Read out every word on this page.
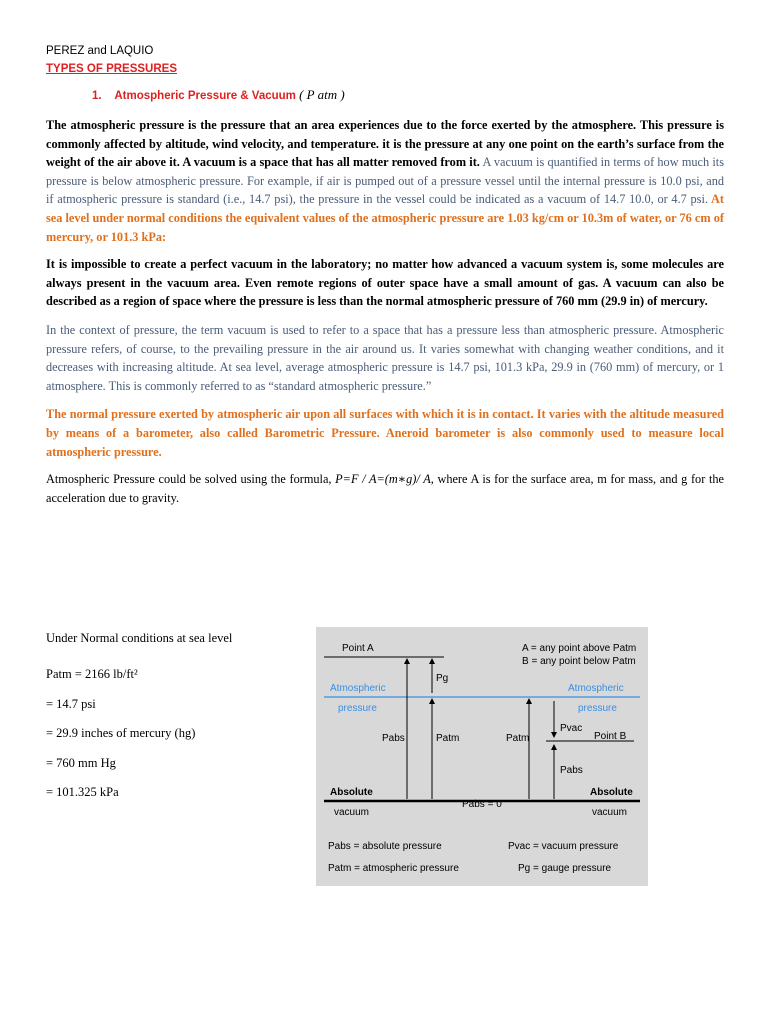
PEREZ and LAQUIO

TYPES OF PRESSURES

1. Atmospheric Pressure & Vacuum ( P atm )

The atmospheric pressure is the pressure that an area experiences due to the force exerted by the atmosphere. This pressure is commonly affected by altitude, wind velocity, and temperature. it is the pressure at any one point on the earth’s surface from the weight of the air above it. A vacuum is a space that has all matter removed from it. A vacuum is quantified in terms of how much its pressure is below atmospheric pressure. For example, if air is pumped out of a pressure vessel until the internal pressure is 10.0 psi, and if atmospheric pressure is standard (i.e., 14.7 psi), the pressure in the vessel could be indicated as a vacuum of 14.7 10.0, or 4.7 psi. At sea level under normal conditions the equivalent values of the atmospheric pressure are 1.03 kg/cm or 10.3m of water, or 76 cm of mercury, or 101.3 kPa:

It is impossible to create a perfect vacuum in the laboratory; no matter how advanced a vacuum system is, some molecules are always present in the vacuum area. Even remote regions of outer space have a small amount of gas. A vacuum can also be described as a region of space where the pressure is less than the normal atmospheric pressure of 760 mm (29.9 in) of mercury.

In the context of pressure, the term vacuum is used to refer to a space that has a pressure less than atmospheric pressure. Atmospheric pressure refers, of course, to the prevailing pressure in the air around us. It varies somewhat with changing weather conditions, and it decreases with increasing altitude. At sea level, average atmospheric pressure is 14.7 psi, 101.3 kPa, 29.9 in (760 mm) of mercury, or 1 atmosphere. This is commonly referred to as “standard atmospheric pressure.”

The normal pressure exerted by atmospheric air upon all surfaces with which it is in contact. It varies with the altitude measured by means of a barometer, also called Barometric Pressure. Aneroid barometer is also commonly used to measure local atmospheric pressure.

Atmospheric Pressure could be solved using the formula, P=F / A=(m∗g)/ A, where A is for the surface area, m for mass, and g for the acceleration due to gravity.

Under Normal conditions at sea level

Patm = 2166 lb/ft²

= 14.7 psi

= 29.9 inches of mercury (hg)

= 760 mm Hg

= 101.325 kPa

Point A	A = any point above Patm
B = any point below Patm
Atmospheric
pressure
Atmospheric
pressure
Pg
Pabs	Patm	Patm
Pvac
Point B
Pabs
Absolute
vacuum
Absolute
vacuum
Pabs = 0
Pabs = absolute pressure
Patm = atmospheric pressure
Pvac = vacuum pressure
Pg = gauge pressure
